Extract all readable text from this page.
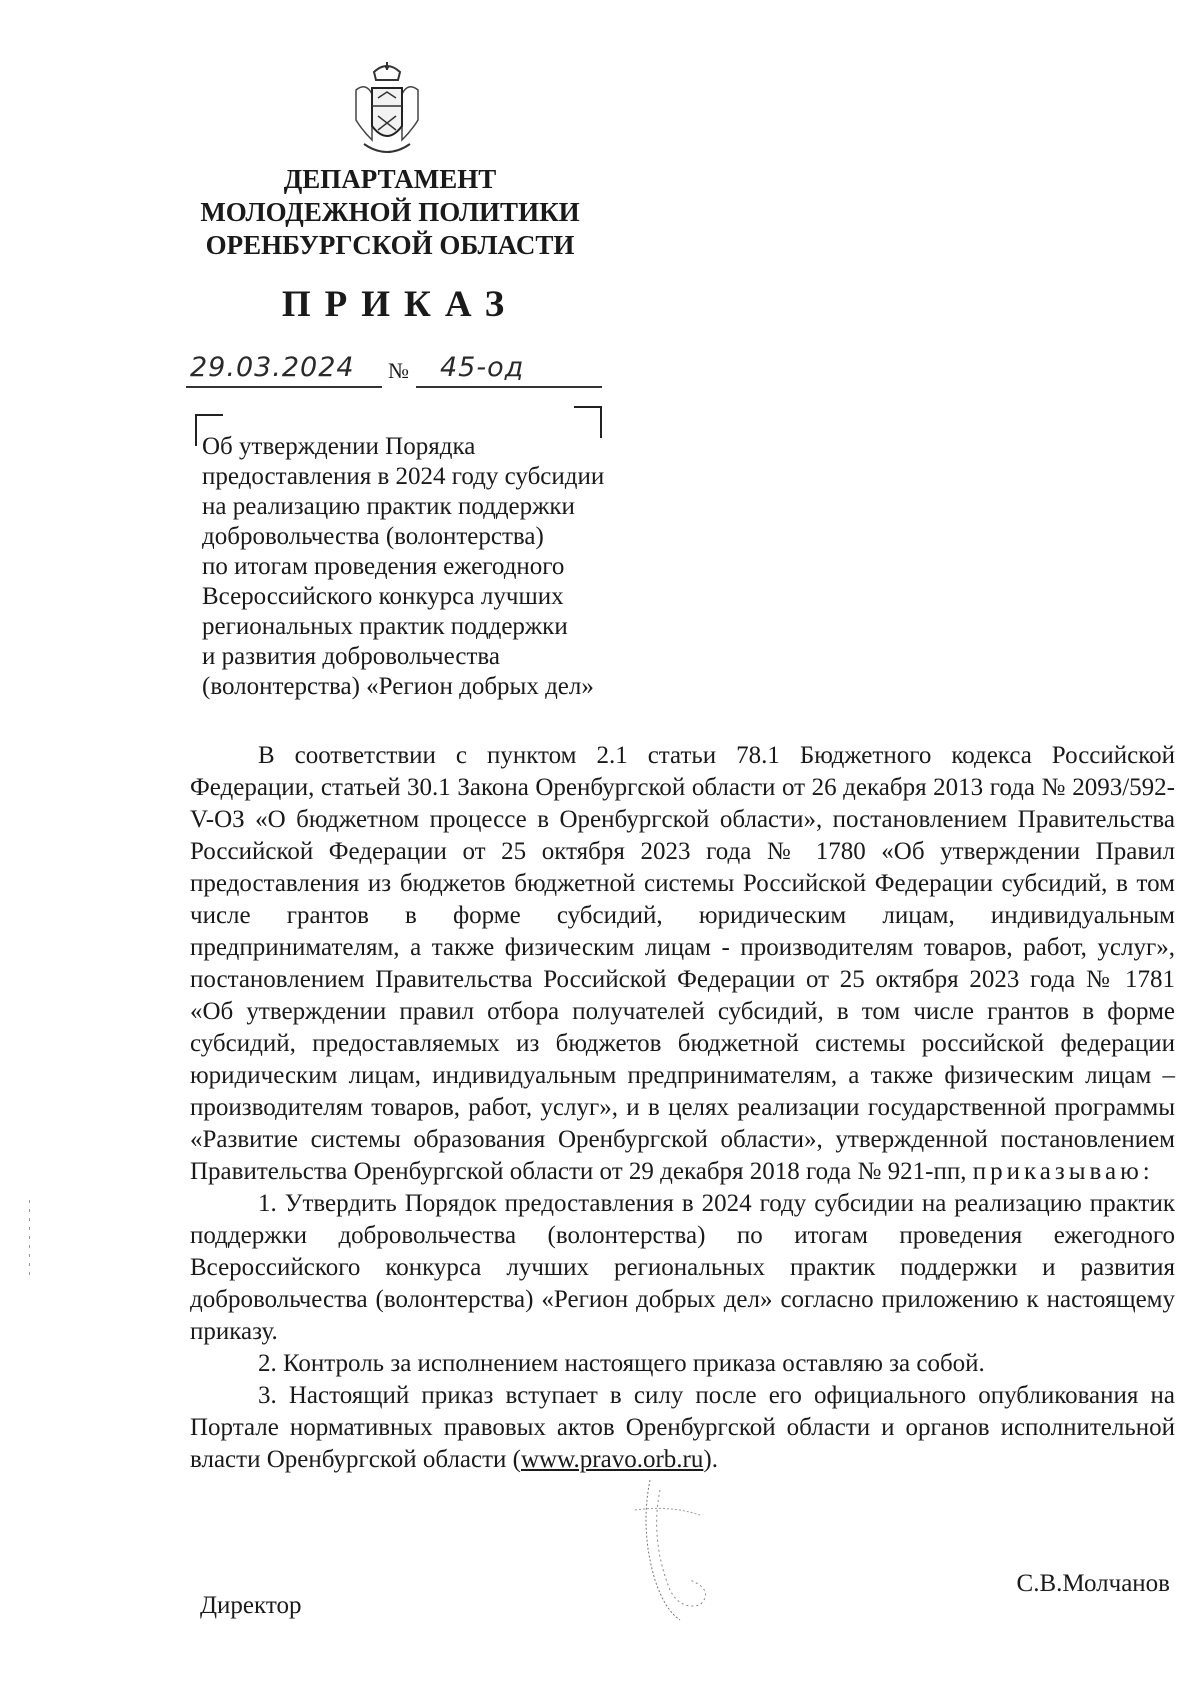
ДЕПАРТАМЕНТ
МОЛОДЕЖНОЙ ПОЛИТИКИ
ОРЕНБУРГСКОЙ ОБЛАСТИ
ПРИКАЗ
29.03.2024 № 45-од
Об утверждении Порядка
предоставления в 2024 году субсидии
на реализацию практик поддержки
добровольчества (волонтерства)
по итогам проведения ежегодного
Всероссийского конкурса лучших
региональных практик поддержки
и развития добровольчества
(волонтерства) «Регион добрых дел»

В соответствии с пунктом 2.1 статьи 78.1 Бюджетного кодекса Российской Федерации, статьей 30.1 Закона Оренбургской области от 26 декабря 2013 года № 2093/592-V-ОЗ «О бюджетном процессе в Оренбургской области», постановлением Правительства Российской Федерации от 25 октября 2023 года № 1780 «Об утверждении Правил предоставления из бюджетов бюджетной системы Российской Федерации субсидий, в том числе грантов в форме субсидий, юридическим лицам, индивидуальным предпринимателям, а также физическим лицам - производителям товаров, работ, услуг», постановлением Правительства Российской Федерации от 25 октября 2023 года № 1781 «Об утверждении правил отбора получателей субсидий, в том числе грантов в форме субсидий, предоставляемых из бюджетов бюджетной системы российской федерации юридическим лицам, индивидуальным предпринимателям, а также физическим лицам – производителям товаров, работ, услуг», и в целях реализации государственной программы «Развитие системы образования Оренбургской области», утвержденной постановлением Правительства Оренбургской области от 29 декабря 2018 года № 921-пп, приказываю:

1. Утвердить Порядок предоставления в 2024 году субсидии на реализацию практик поддержки добровольчества (волонтерства) по итогам проведения ежегодного Всероссийского конкурса лучших региональных практик поддержки и развития добровольчества (волонтерства) «Регион добрых дел» согласно приложению к настоящему приказу.

2. Контроль за исполнением настоящего приказа оставляю за собой.

3. Настоящий приказ вступает в силу после его официального опубликования на Портале нормативных правовых актов Оренбургской области и органов исполнительной власти Оренбургской области (www.pravo.orb.ru).

Директор
С.В.Молчанов
